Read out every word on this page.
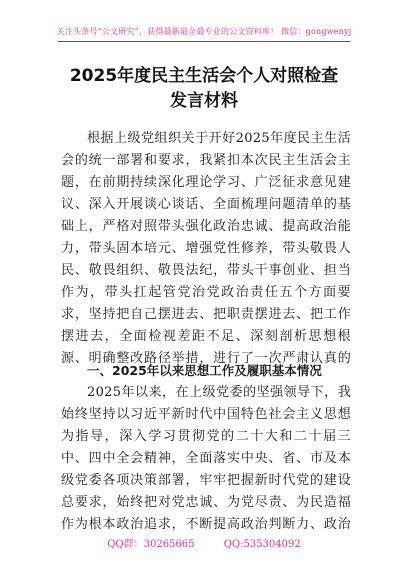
关注头条号“公文研究”，获得最新最全最专业的公文资料库！ 微信：gongwenyj
2025年度民主生活会个人对照检查发言材料

根据上级党组织关于开好2025年度民主生活会的统一部署和要求，我紧扣本次民主生活会主题，在前期持续深化理论学习、广泛征求意见建议、深入开展谈心谈话、全面梳理问题清单的基础上，严格对照带头强化政治忠诚、提高政治能力，带头固本培元、增强党性修养，带头敬畏人民、敬畏组织、敬畏法纪，带头干事创业、担当作为，带头扛起管党治党政治责任五个方面要求，坚持把自己摆进去、把职责摆进去、把工作摆进去，全面检视差距不足、深刻剖析思想根源、明确整改路径举措，进行了一次严肃认真的

一、2025年以来思想工作及履职基本情况

2025年以来，在上级党委的坚强领导下，我始终坚持以习近平新时代中国特色社会主义思想为指导，深入学习贯彻党的二十大和二十届三中、四中全会精神，全面落实中央、省、市及本级党委各项决策部署，牢牢把握新时代党的建设总要求，始终把对党忠诚、为党尽责、为民造福作为根本政治追求，不断提高政治判断力、政治

QQ群：30265665	QQ:535304092
